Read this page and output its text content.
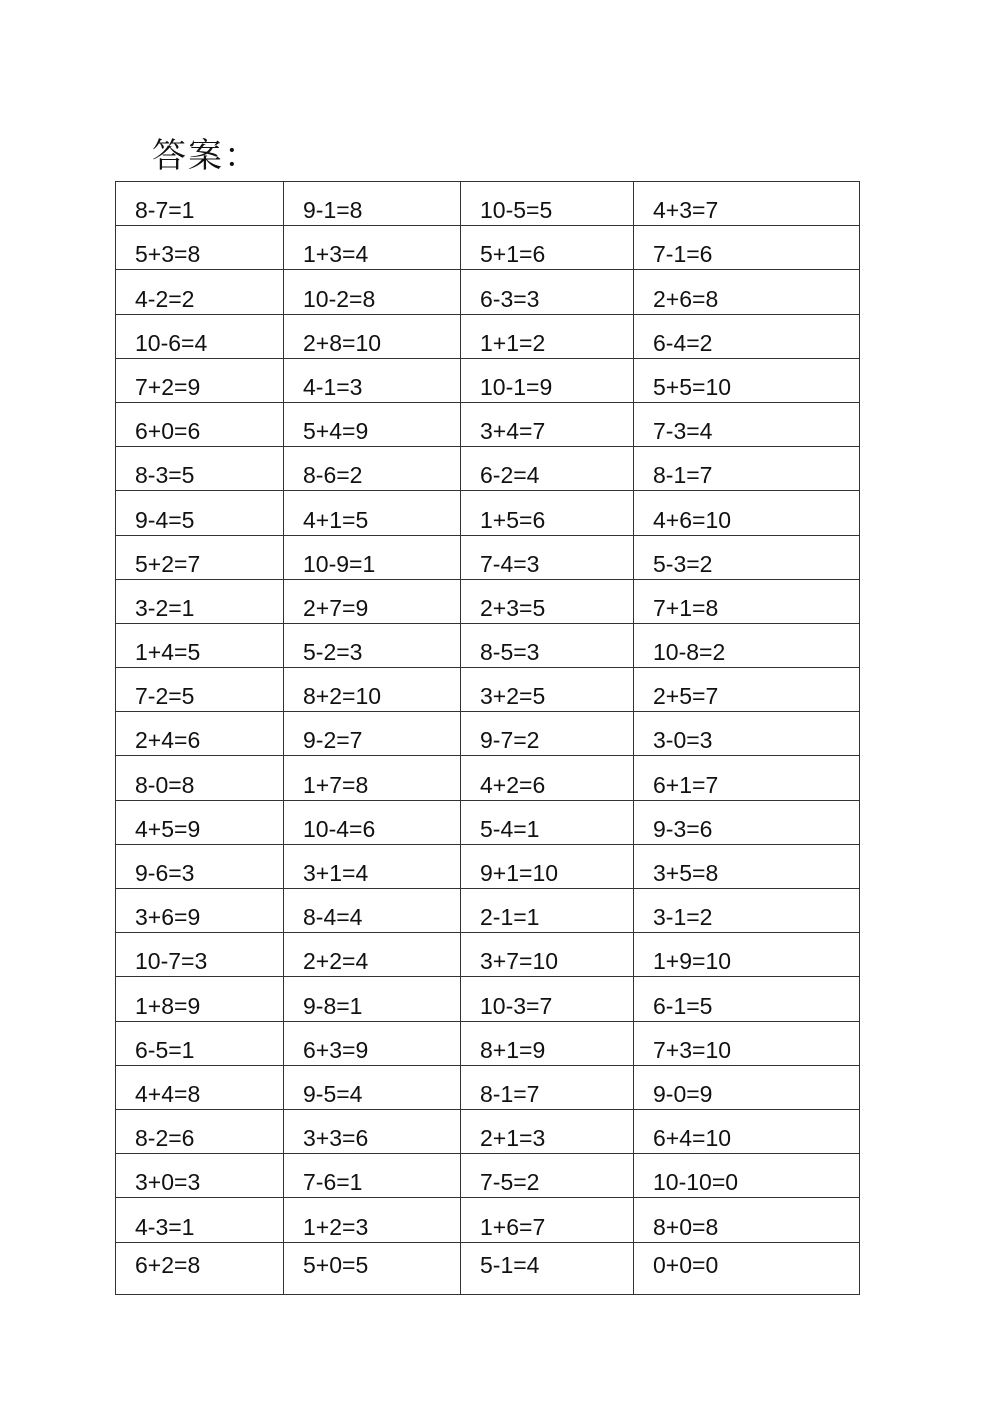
答案：
8-7=1	9-1=8	10-5=5	4+3=7
5+3=8	1+3=4	5+1=6	7-1=6
4-2=2	10-2=8	6-3=3	2+6=8
10-6=4	2+8=10	1+1=2	6-4=2
7+2=9	4-1=3	10-1=9	5+5=10
6+0=6	5+4=9	3+4=7	7-3=4
8-3=5	8-6=2	6-2=4	8-1=7
9-4=5	4+1=5	1+5=6	4+6=10
5+2=7	10-9=1	7-4=3	5-3=2
3-2=1	2+7=9	2+3=5	7+1=8
1+4=5	5-2=3	8-5=3	10-8=2
7-2=5	8+2=10	3+2=5	2+5=7
2+4=6	9-2=7	9-7=2	3-0=3
8-0=8	1+7=8	4+2=6	6+1=7
4+5=9	10-4=6	5-4=1	9-3=6
9-6=3	3+1=4	9+1=10	3+5=8
3+6=9	8-4=4	2-1=1	3-1=2
10-7=3	2+2=4	3+7=10	1+9=10
1+8=9	9-8=1	10-3=7	6-1=5
6-5=1	6+3=9	8+1=9	7+3=10
4+4=8	9-5=4	8-1=7	9-0=9
8-2=6	3+3=6	2+1=3	6+4=10
3+0=3	7-6=1	7-5=2	10-10=0
4-3=1	1+2=3	1+6=7	8+0=8
6+2=8	5+0=5	5-1=4	0+0=0
